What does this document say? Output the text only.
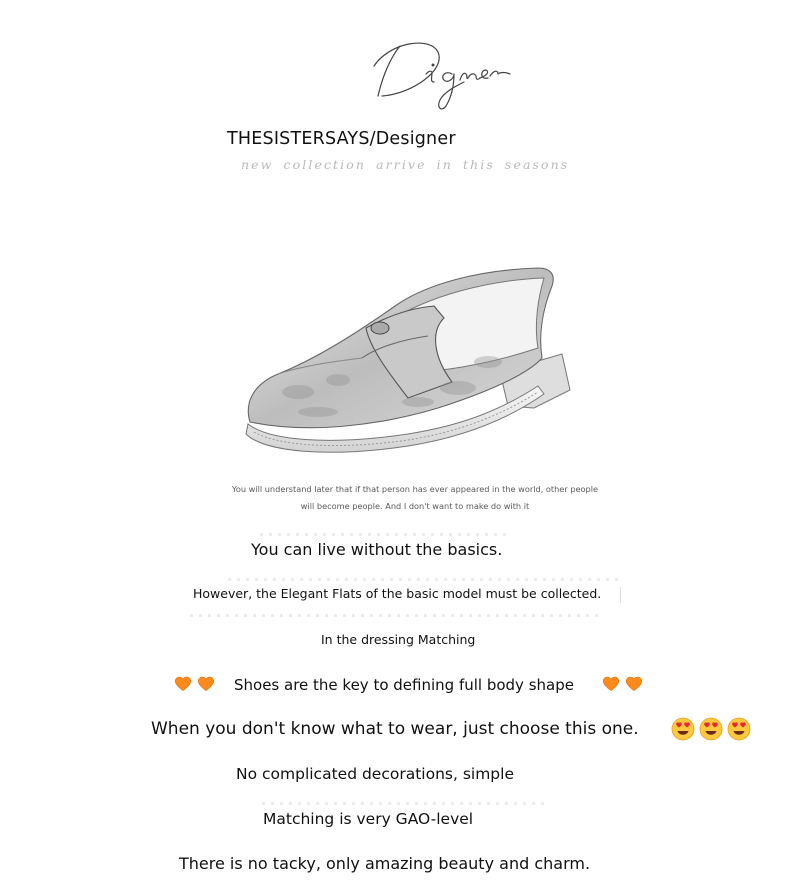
THESISTERSAYS/Designer
new collection arrive in this seasons
You will understand later that if that person has ever appeared in the world, other people
will become people. And I don't want to make do with it
You can live without the basics.
However, the Elegant Flats of the basic model must be collected.
In the dressing Matching
Shoes are the key to defining full body shape
When you don't know what to wear, just choose this one.
No complicated decorations, simple
Matching is very GAO-level
There is no tacky, only amazing beauty and charm.
